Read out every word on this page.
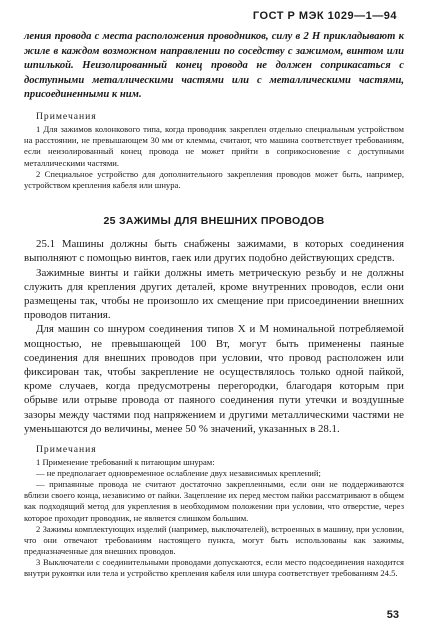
ГОСТ Р МЭК 1029—1—94

ления провода с места расположения проводников, силу в 2 Н прикладывают к жиле в каждом возможном направлении по соседству с зажимом, винтом или шпилькой. Неизолированный конец провода не должен соприкасаться с доступными металлическими частями или с металлическими частями, присоединенными к ним.

Примечания

1 Для зажимов колонкового типа, когда проводник закреплен отдельно специальным устройством на расстоянии, не превышающем 30 мм от клеммы, считают, что машина соответствует требованиям, если неизолированный конец провода не может прийти в соприкосновение с доступными металлическими частями.

2 Специальное устройство для дополнительного закрепления проводов может быть, например, устройством крепления кабеля или шнура.

25 ЗАЖИМЫ ДЛЯ ВНЕШНИХ ПРОВОДОВ

25.1 Машины должны быть снабжены зажимами, в которых соединения выполняют с помощью винтов, гаек или других подобно действующих средств.

Зажимные винты и гайки должны иметь метрическую резьбу и не должны служить для крепления других деталей, кроме внутренних проводов, если они размещены так, чтобы не произошло их смещение при присоединении внешних проводов питания.

Для машин со шнуром соединения типов X и M номинальной потребляемой мощностью, не превышающей 100 Вт, могут быть применены паяные соединения для внешних проводов при условии, что провод расположен или фиксирован так, чтобы закрепление не осуществлялось только одной пайкой, кроме случаев, когда предусмотрены перегородки, благодаря которым при обрыве или отрыве провода от паяного соединения пути утечки и воздушные зазоры между частями под напряжением и другими металлическими частями не уменьшаются до величины, менее 50 % значений, указанных в 28.1.

Примечания

1 Применение требований к питающим шнурам:

— не предполагает одновременное ослабление двух независимых креплений;

— припаянные провода не считают достаточно закрепленными, если они не поддерживаются вблизи своего конца, независимо от пайки. Зацепление их перед местом пайки рассматривают в общем как подходящий метод для укрепления в необходимом положении при условии, что отверстие, через которое проходит проводник, не является слишком большим.

2 Зажимы комплектующих изделий (например, выключателей), встроенных в машину, при условии, что они отвечают требованиям настоящего пункта, могут быть использованы как зажимы, предназначенные для внешних проводов.

3 Выключатели с соединительными проводами допускаются, если место подсоединения находится внутри рукоятки или тела и устройство крепления кабеля или шнура соответствует требованиям 24.5.

53
